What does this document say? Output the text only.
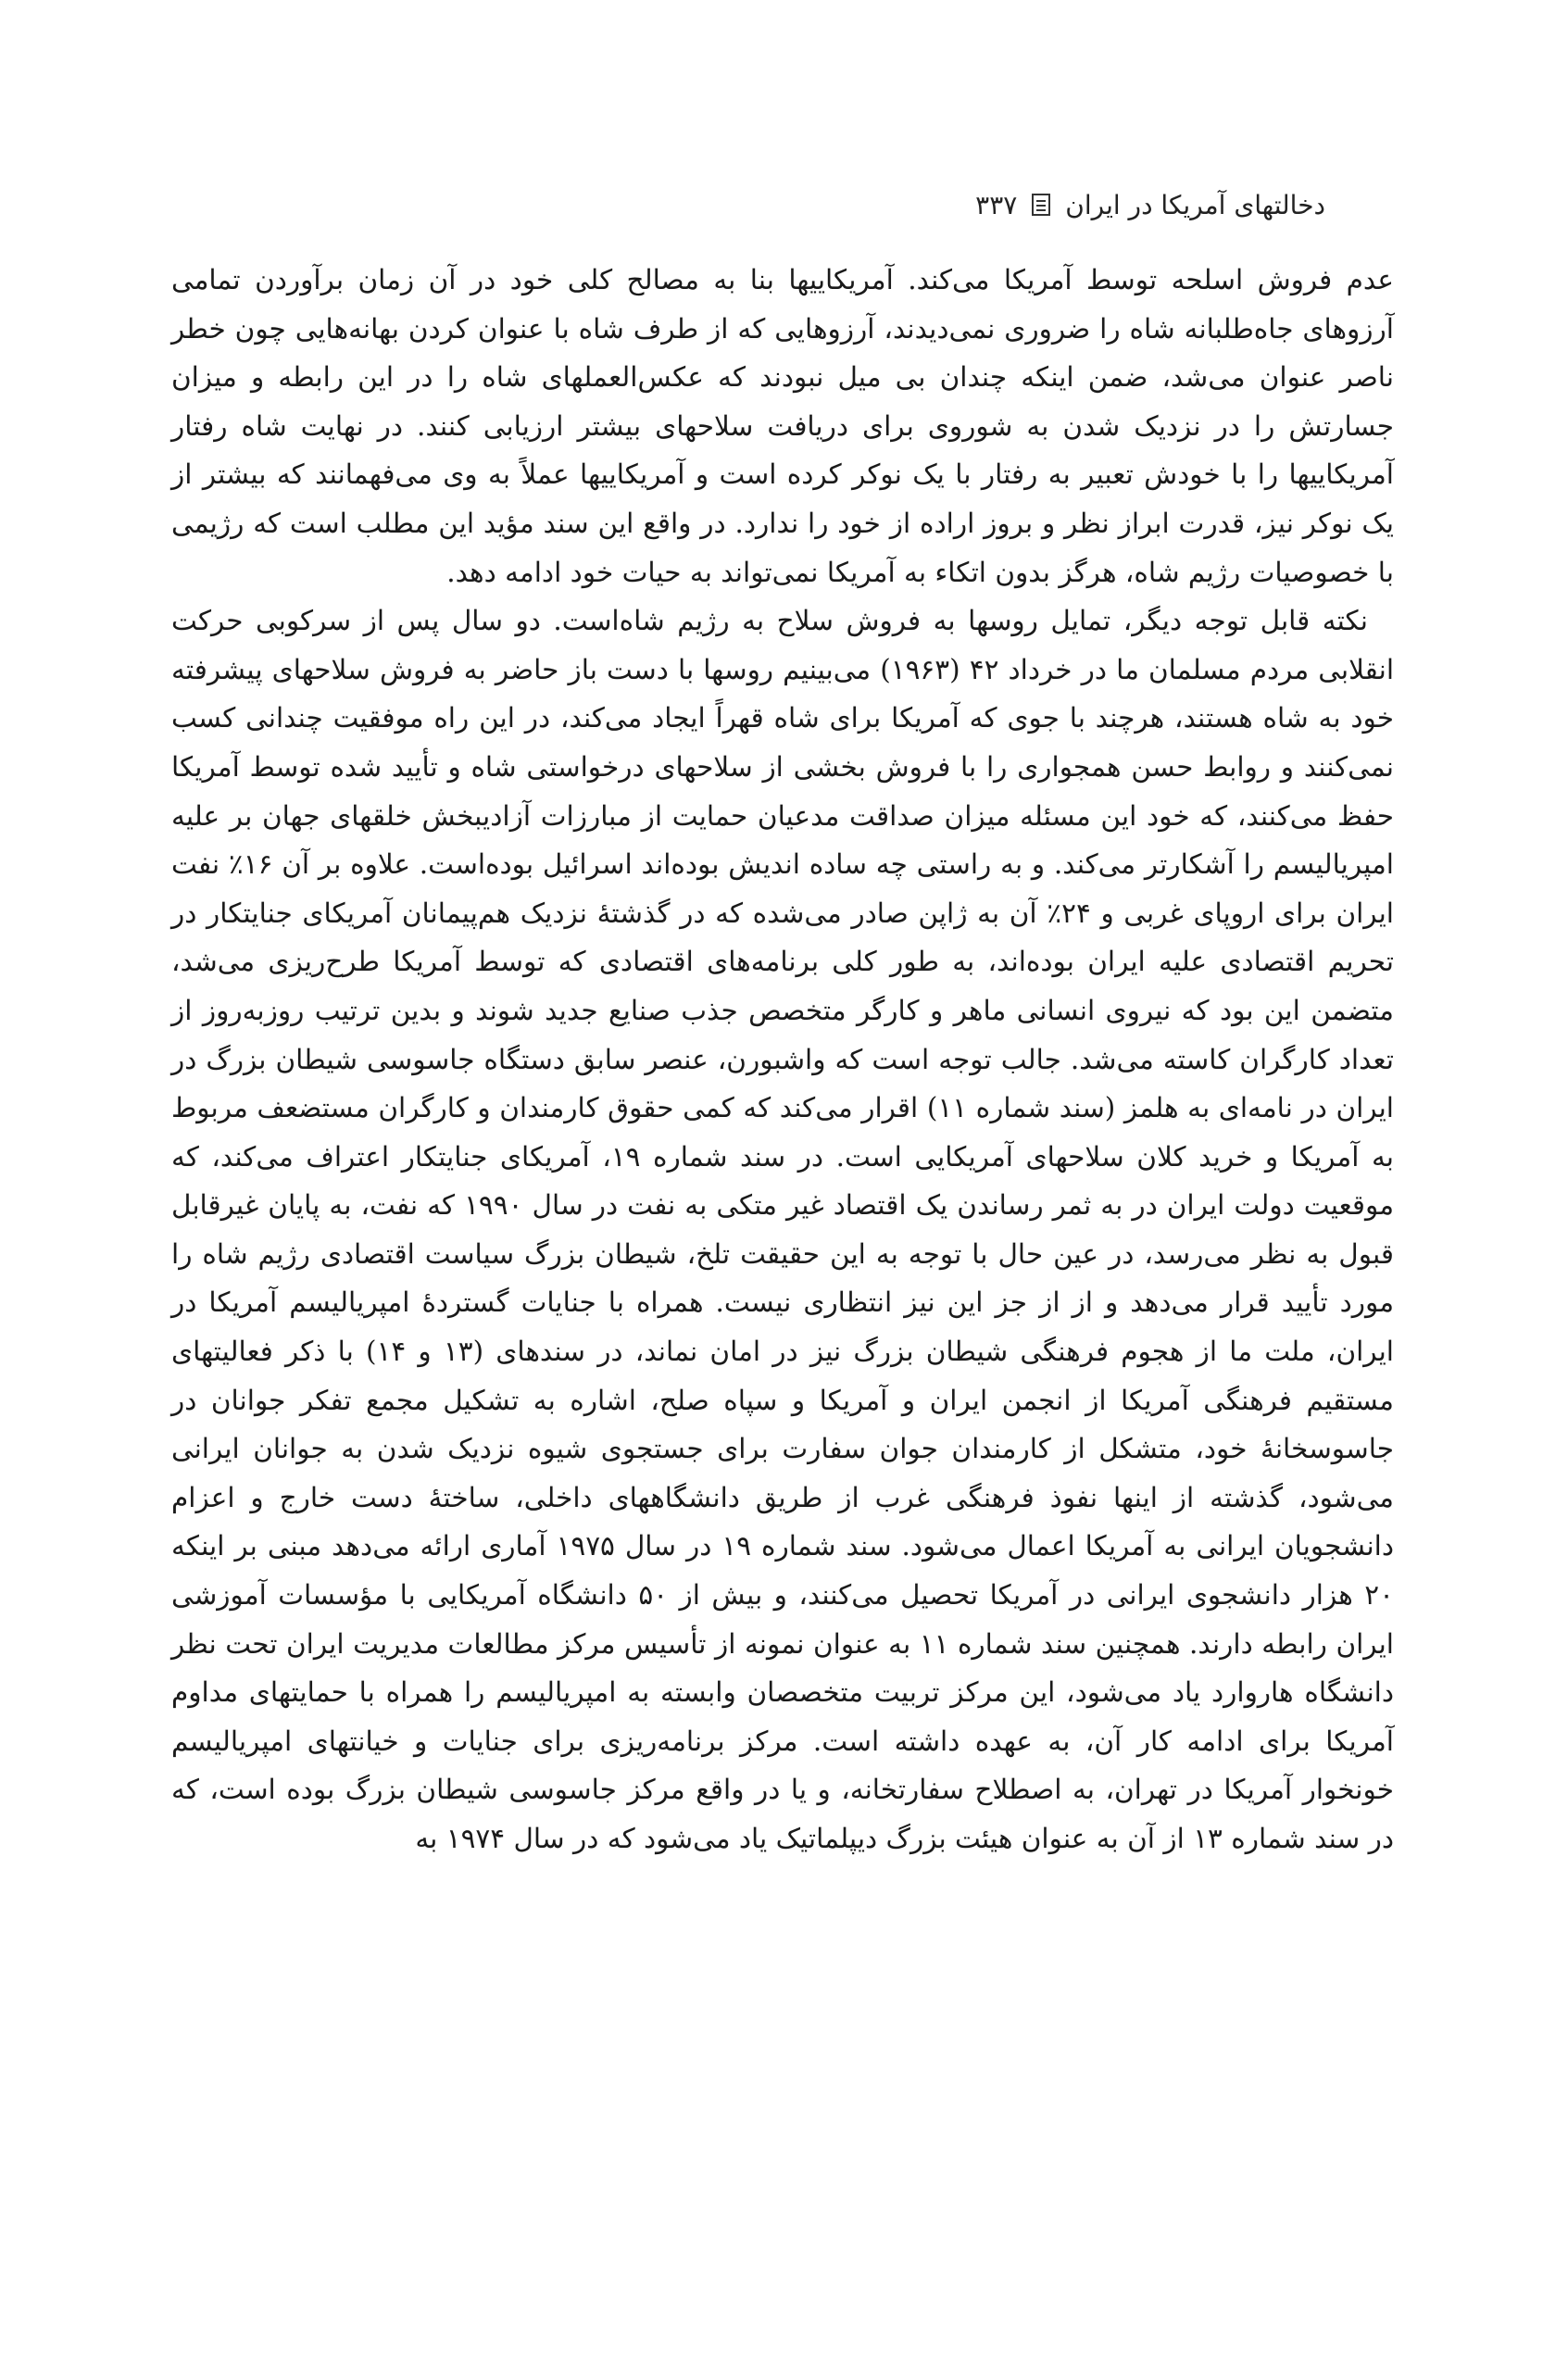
دخالتهای آمریکا در ایران
۳۳۷

عدم فروش اسلحه توسط آمریکا می‌کند. آمریکاییها بنا به مصالح کلی خود در آن زمان برآوردن تمامی آرزوهای جاه‌طلبانه شاه را ضروری نمی‌دیدند، آرزوهایی که از طرف شاه با عنوان کردن بهانه‌هایی چون خطر ناصر عنوان می‌شد، ضمن اینکه چندان بی میل نبودند که عکس‌العملهای شاه را در این رابطه و میزان جسارتش را در نزدیک شدن به شوروی برای دریافت سلاحهای بیشتر ارزیابی کنند. در نهایت شاه رفتار آمریکاییها را با خودش تعبیر به رفتار با یک نوکر کرده است و آمریکاییها عملاً به وی می‌فهمانند که بیشتر از یک نوکر نیز، قدرت ابراز نظر و بروز اراده از خود را ندارد. در واقع این سند مؤید این مطلب است که رژیمی با خصوصیات رژیم شاه، هرگز بدون اتکاء به آمریکا نمی‌تواند به حیات خود ادامه دهد.

نکته قابل توجه دیگر، تمایل روسها به فروش سلاح به رژیم شاه‌است. دو سال پس از سرکوبی حرکت انقلابی مردم مسلمان ما در خرداد ۴۲ (۱۹۶۳) می‌بینیم روسها با دست باز حاضر به فروش سلاحهای پیشرفته خود به شاه هستند، هرچند با جوی که آمریکا برای شاه قهراً ایجاد می‌کند، در این راه موفقیت چندانی کسب نمی‌کنند و روابط حسن همجواری را با فروش بخشی از سلاحهای درخواستی شاه و تأیید شده توسط آمریکا حفظ می‌کنند، که خود این مسئله میزان صداقت مدعیان حمایت از مبارزات آزادیبخش خلقهای جهان بر علیه امپریالیسم را آشکارتر می‌کند. و به راستی چه ساده اندیش بوده‌اند اسرائیل بوده‌است. علاوه بر آن ۱۶٪ نفت ایران برای اروپای غربی و ۲۴٪ آن به ژاپن صادر می‌شده که در گذشتهٔ نزدیک هم‌پیمانان آمریکای جنایتکار در تحریم اقتصادی علیه ایران بوده‌اند، به طور کلی برنامه‌های اقتصادی که توسط آمریکا طرح‌ریزی می‌شد، متضمن این بود که نیروی انسانی ماهر و کارگر متخصص جذب صنایع جدید شوند و بدین ترتیب روزبه‌روز از تعداد کارگران کاسته می‌شد. جالب توجه است که واشبورن، عنصر سابق دستگاه جاسوسی شیطان بزرگ در ایران در نامه‌ای به هلمز (سند شماره ۱۱) اقرار می‌کند که کمی حقوق کارمندان و کارگران مستضعف مربوط به آمریکا و خرید کلان سلاحهای آمریکایی است. در سند شماره ۱۹، آمریکای جنایتکار اعتراف می‌کند، که موقعیت دولت ایران در به ثمر رساندن یک اقتصاد غیر متکی به نفت در سال ۱۹۹۰ که نفت، به پایان غیرقابل قبول به نظر می‌رسد، در عین حال با توجه به این حقیقت تلخ، شیطان بزرگ سیاست اقتصادی رژیم شاه را مورد تأیید قرار می‌دهد و از از جز این نیز انتظاری نیست. همراه با جنایات گستردهٔ امپریالیسم آمریکا در ایران، ملت ما از هجوم فرهنگی شیطان بزرگ نیز در امان نماند، در سندهای (۱۳ و ۱۴) با ذکر فعالیتهای مستقیم فرهنگی آمریکا از انجمن ایران و آمریکا و سپاه صلح، اشاره به تشکیل مجمع تفکر جوانان در جاسوسخانهٔ خود، متشکل از کارمندان جوان سفارت برای جستجوی شیوه نزدیک شدن به جوانان ایرانی می‌شود، گذشته از اینها نفوذ فرهنگی غرب از طریق دانشگاههای داخلی، ساختهٔ دست خارج و اعزام دانشجویان ایرانی به آمریکا اعمال می‌شود. سند شماره ۱۹ در سال ۱۹۷۵ آماری ارائه می‌دهد مبنی بر اینکه ۲۰ هزار دانشجوی ایرانی در آمریکا تحصیل می‌کنند، و بیش از ۵۰ دانشگاه آمریکایی با مؤسسات آموزشی ایران رابطه دارند. همچنین سند شماره ۱۱ به عنوان نمونه از تأسیس مرکز مطالعات مدیریت ایران تحت نظر دانشگاه هاروارد یاد می‌شود، این مرکز تربیت متخصصان وابسته به امپریالیسم را همراه با حمایتهای مداوم آمریکا برای ادامه کار آن، به عهده داشته است. مرکز برنامه‌ریزی برای جنایات و خیانتهای امپریالیسم خونخوار آمریکا در تهران، به اصطلاح سفارتخانه، و یا در واقع مرکز جاسوسی شیطان بزرگ بوده است، که در سند شماره ۱۳ از آن به عنوان هیئت بزرگ دیپلماتیک یاد می‌شود که در سال ۱۹۷۴ به
